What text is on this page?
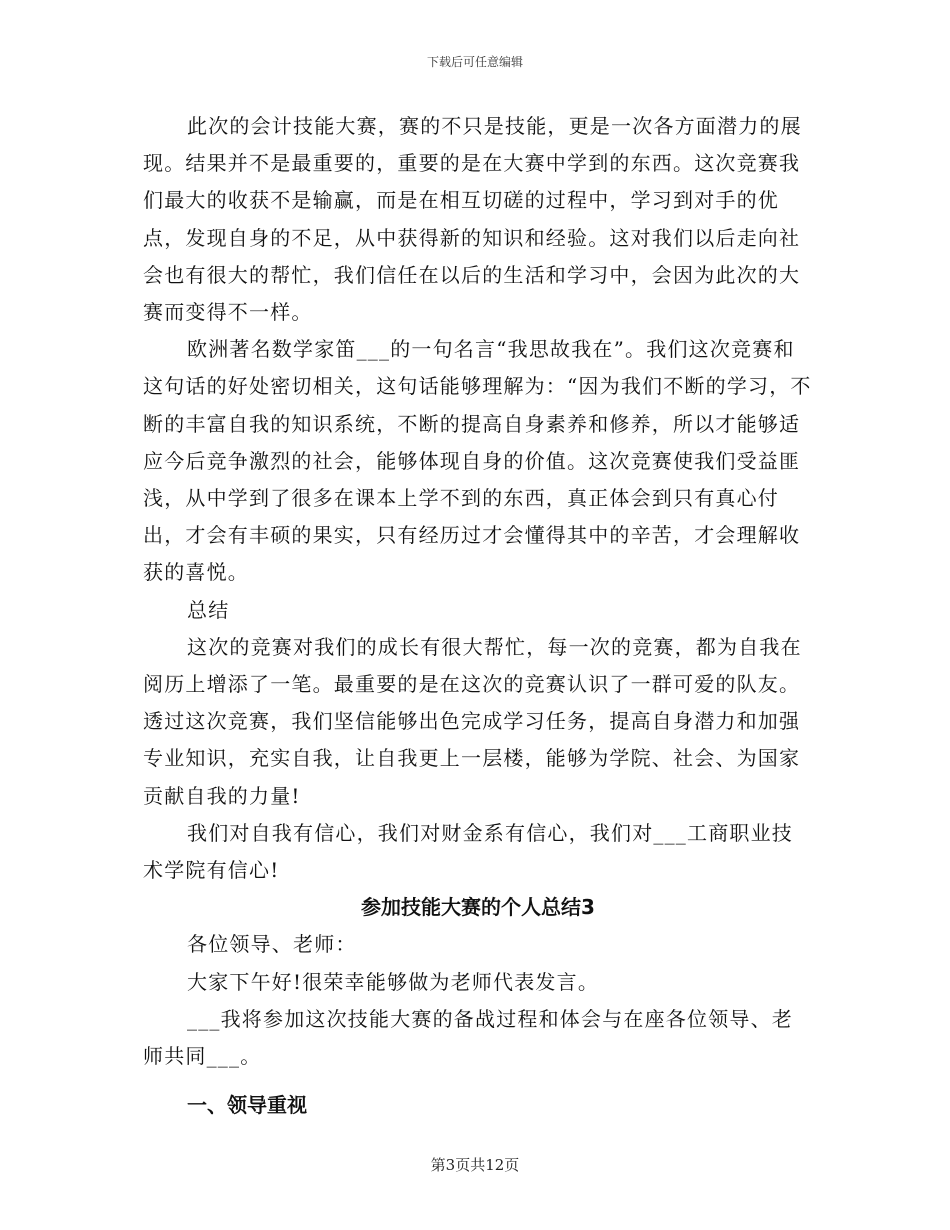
下载后可任意编辑

此次的会计技能大赛，赛的不只是技能，更是一次各方面潜力的展现。结果并不是最重要的，重要的是在大赛中学到的东西。这次竞赛我们最大的收获不是输赢，而是在相互切磋的过程中，学习到对手的优点，发现自身的不足，从中获得新的知识和经验。这对我们以后走向社会也有很大的帮忙，我们信任在以后的生活和学习中，会因为此次的大赛而变得不一样。

欧洲著名数学家笛___的一句名言“我思故我在”。我们这次竞赛和这句话的好处密切相关，这句话能够理解为：“因为我们不断的学习，不断的丰富自我的知识系统，不断的提高自身素养和修养，所以才能够适应今后竞争激烈的社会，能够体现自身的价值。这次竞赛使我们受益匪浅，从中学到了很多在课本上学不到的东西，真正体会到只有真心付出，才会有丰硕的果实，只有经历过才会懂得其中的辛苦，才会理解收获的喜悦。

总结

这次的竞赛对我们的成长有很大帮忙，每一次的竞赛，都为自我在阅历上增添了一笔。最重要的是在这次的竞赛认识了一群可爱的队友。透过这次竞赛，我们坚信能够出色完成学习任务，提高自身潜力和加强专业知识，充实自我，让自我更上一层楼，能够为学院、社会、为国家贡献自我的力量!

我们对自我有信心，我们对财金系有信心，我们对___工商职业技术学院有信心!

参加技能大赛的个人总结3

各位领导、老师：

大家下午好!很荣幸能够做为老师代表发言。

___我将参加这次技能大赛的备战过程和体会与在座各位领导、老师共同___。

一、领导重视

第3页共12页
